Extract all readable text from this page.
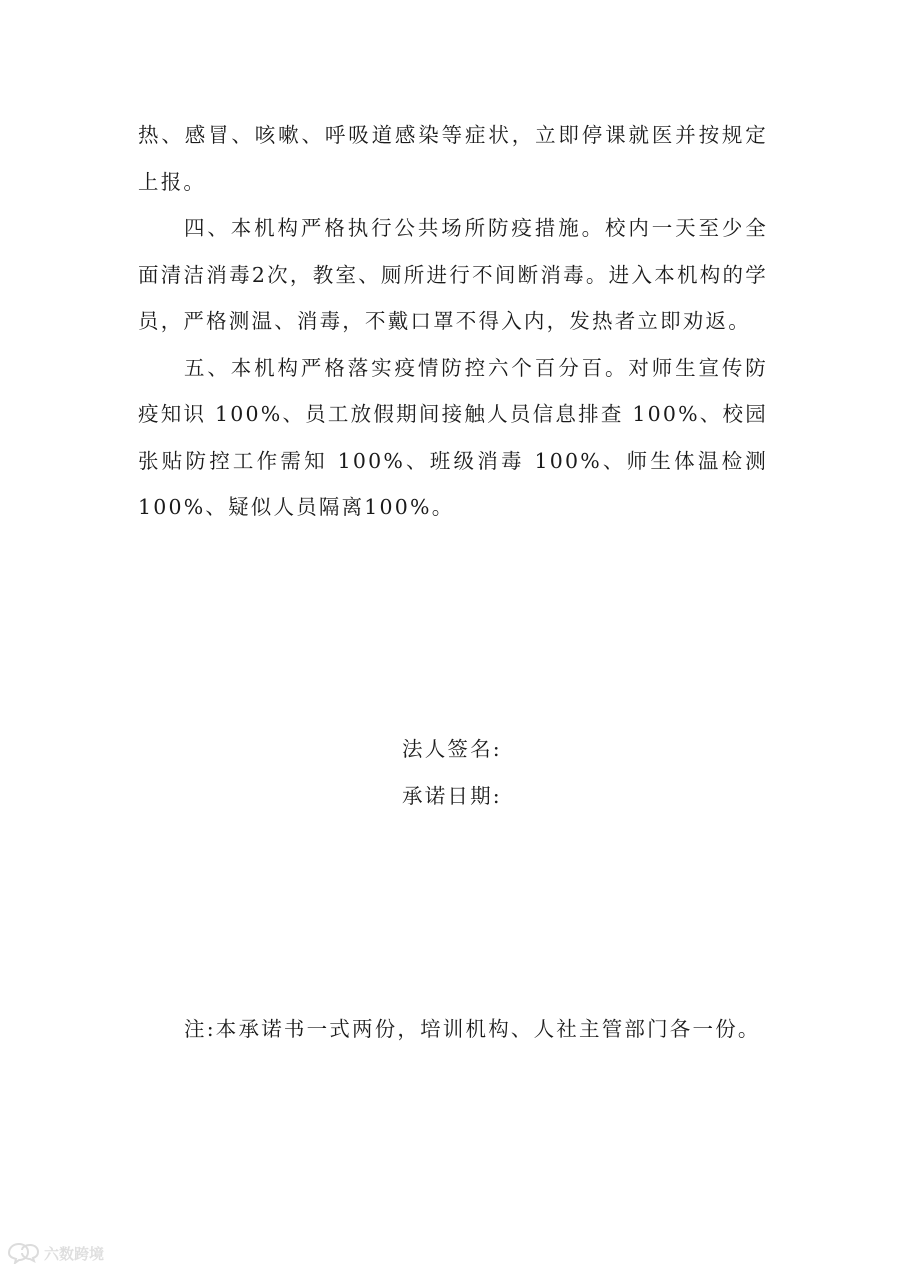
热、感冒、咳嗽、呼吸道感染等症状，立即停课就医并按规定上报。

四、本机构严格执行公共场所防疫措施。校内一天至少全面清洁消毒2次，教室、厕所进行不间断消毒。进入本机构的学员，严格测温、消毒，不戴口罩不得入内，发热者立即劝返。

五、本机构严格落实疫情防控六个百分百。对师生宣传防疫知识 100%、员工放假期间接触人员信息排查 100%、校园张贴防控工作需知 100%、班级消毒 100%、师生体温检测100%、疑似人员隔离100%。

法人签名:
承诺日期:

注:本承诺书一式两份，培训机构、人社主管部门各一份。

六数跨境
